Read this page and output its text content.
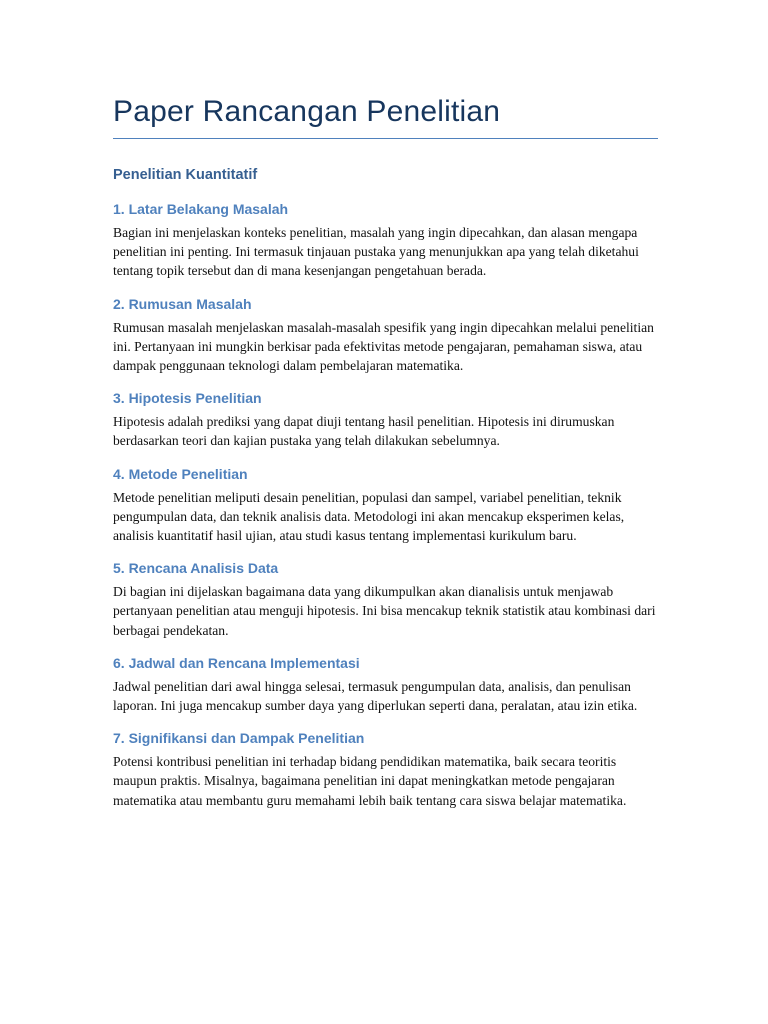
Paper Rancangan Penelitian
Penelitian Kuantitatif
1. Latar Belakang Masalah

Bagian ini menjelaskan konteks penelitian, masalah yang ingin dipecahkan, dan alasan mengapa penelitian ini penting. Ini termasuk tinjauan pustaka yang menunjukkan apa yang telah diketahui tentang topik tersebut dan di mana kesenjangan pengetahuan berada.

2. Rumusan Masalah

Rumusan masalah menjelaskan masalah-masalah spesifik yang ingin dipecahkan melalui penelitian ini. Pertanyaan ini mungkin berkisar pada efektivitas metode pengajaran, pemahaman siswa, atau dampak penggunaan teknologi dalam pembelajaran matematika.

3. Hipotesis Penelitian

Hipotesis adalah prediksi yang dapat diuji tentang hasil penelitian. Hipotesis ini dirumuskan berdasarkan teori dan kajian pustaka yang telah dilakukan sebelumnya.

4. Metode Penelitian

Metode penelitian meliputi desain penelitian, populasi dan sampel, variabel penelitian, teknik pengumpulan data, dan teknik analisis data. Metodologi ini akan mencakup eksperimen kelas, analisis kuantitatif hasil ujian, atau studi kasus tentang implementasi kurikulum baru.

5. Rencana Analisis Data

Di bagian ini dijelaskan bagaimana data yang dikumpulkan akan dianalisis untuk menjawab pertanyaan penelitian atau menguji hipotesis. Ini bisa mencakup teknik statistik atau kombinasi dari berbagai pendekatan.

6. Jadwal dan Rencana Implementasi

Jadwal penelitian dari awal hingga selesai, termasuk pengumpulan data, analisis, dan penulisan laporan. Ini juga mencakup sumber daya yang diperlukan seperti dana, peralatan, atau izin etika.

7. Signifikansi dan Dampak Penelitian

Potensi kontribusi penelitian ini terhadap bidang pendidikan matematika, baik secara teoritis maupun praktis. Misalnya, bagaimana penelitian ini dapat meningkatkan metode pengajaran matematika atau membantu guru memahami lebih baik tentang cara siswa belajar matematika.
